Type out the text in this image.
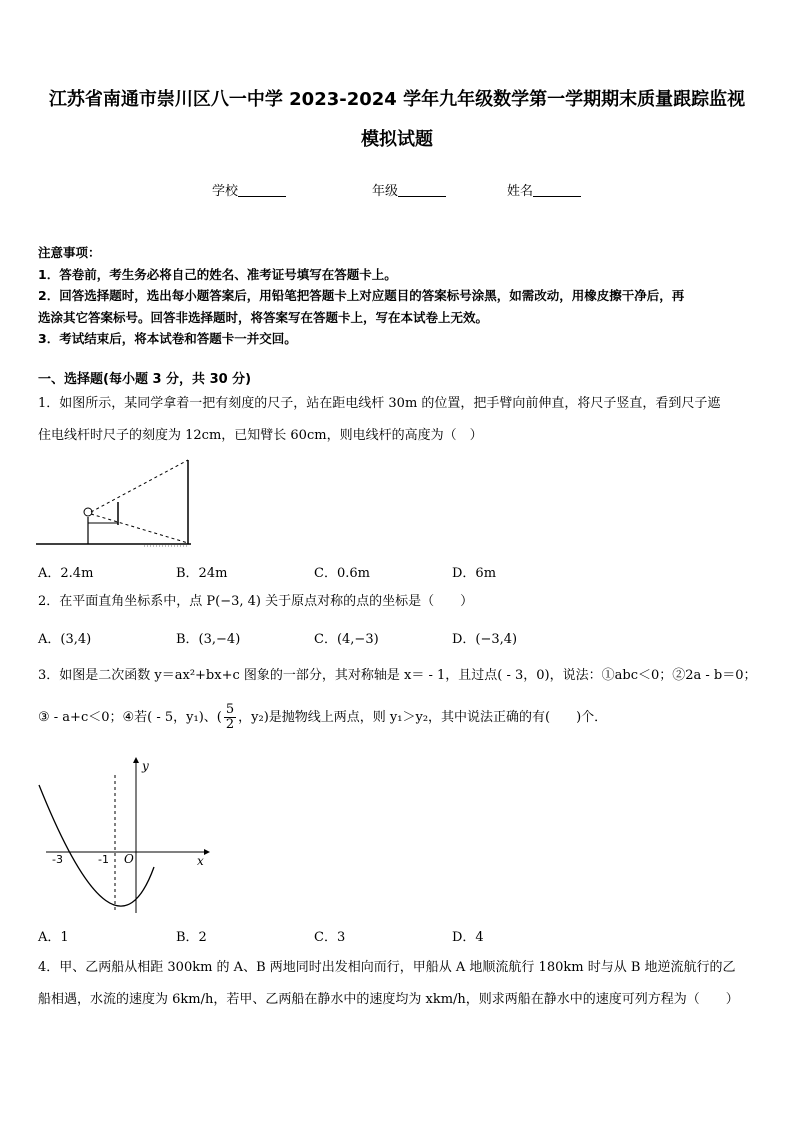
江苏省南通市崇川区八一中学 2023-2024 学年九年级数学第一学期期末质量跟踪监视
模拟试题
学校	年级	姓名
注意事项：
1．答卷前，考生务必将自己的姓名、准考证号填写在答题卡上。
2．回答选择题时，选出每小题答案后，用铅笔把答题卡上对应题目的答案标号涂黑，如需改动，用橡皮擦干净后，再
选涂其它答案标号。回答非选择题时，将答案写在答题卡上，写在本试卷上无效。
3．考试结束后，将本试卷和答题卡一并交回。
一、选择题(每小题 3 分，共 30 分)
1．如图所示，某同学拿着一把有刻度的尺子，站在距电线杆 30m 的位置，把手臂向前伸直，将尺子竖直，看到尺子遮
住电线杆时尺子的刻度为 12cm，已知臂长 60cm，则电线杆的高度为（　）
A．2.4m	B．24m	C．0.6m	D．6m
2．在平面直角坐标系中，点 P(−3, 4) 关于原点对称的点的坐标是（　　）
A．(3,4)	B．(3,−4)	C．(4,−3)	D．(−3,4)
3．如图是二次函数 y＝ax²+bx+c 图象的一部分，其对称轴是 x＝ - 1，且过点( - 3，0)，说法：①abc＜0；②2a - b＝0；
③ - a+c＜0；④若( - 5，y₁)、( $\frac{5}{2}$ ，y₂)是抛物线上两点，则 y₁＞y₂，其中说法正确的有(　　)个．
y
x
O
-3	-1
A．1	B．2	C．3	D．4
4．甲、乙两船从相距 300km 的 A、B 两地同时出发相向而行，甲船从 A 地顺流航行 180km 时与从 B 地逆流航行的乙
船相遇，水流的速度为 6km/h，若甲、乙两船在静水中的速度均为 xkm/h，则求两船在静水中的速度可列方程为（　　）
